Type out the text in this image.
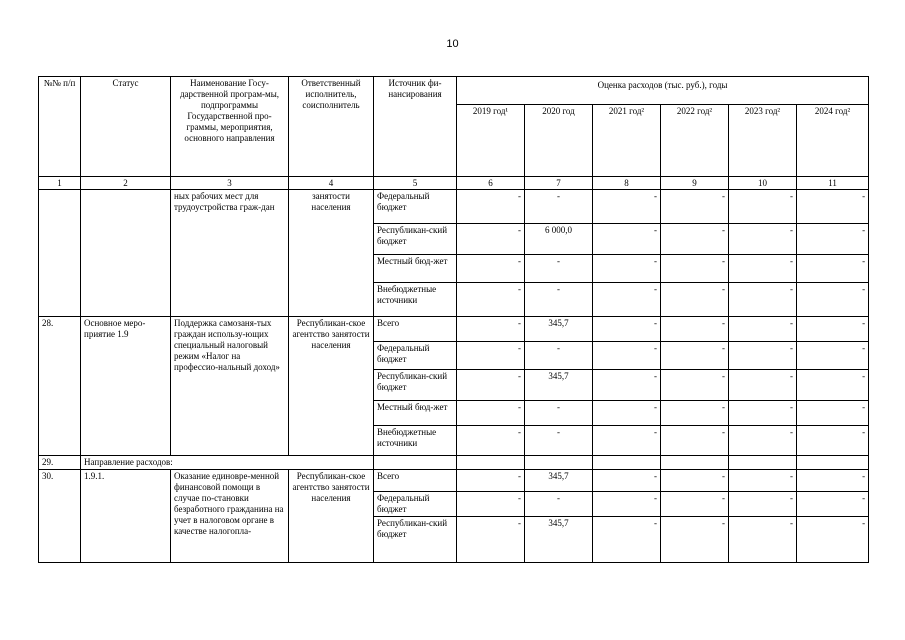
10
№№ п/п	Статус	Наименование Госу-дарственной програм-мы, подпрограммы Государственной про-граммы, мероприятия, основного направления	Ответственный исполнитель, соисполнитель	Источник фи-нансирования	Оценка расходов (тыс. руб.), годы					
					2019 год¹	2020 год	2021 год²	2022 год²	2023 год²	2024 год²
1	2	3	4	5	6	7	8	9	10	11
		ных рабочих мест для трудоустройства граж-дан	занятости населения	Федеральный бюджет	-	-	-	-	-	-
				Республикан-ский бюджет	-	6 000,0	-	-	-	-
				Местный бюд-жет	-	-	-	-	-	-
				Внебюджетные источники	-	-	-	-	-	-
28.	Основное меро-приятие 1.9	Поддержка самозаня-тых граждан использу-ющих специальный налоговый режим «Налог на профессио-нальный доход»	Республикан-ское агентство занятости населения	Всего	-	345,7	-	-	-	-
				Федеральный бюджет	-	-	-	-	-	-
				Республикан-ский бюджет	-	345,7	-	-	-	-
				Местный бюд-жет	-	-	-	-	-	-
				Внебюджетные источники	-	-	-	-	-	-
29.	Направление расходов:									
30.	1.9.1.	Оказание единовре-менной финансовой помощи в случае по-становки безработного гражданина на учет в налоговом органе в качестве налогопла-	Республикан-ское агентство занятости населения	Всего	-	345,7	-	-	-	-
				Федеральный бюджет	-	-	-	-	-	-
				Республикан-ский бюджет	-	345,7	-	-	-	-
